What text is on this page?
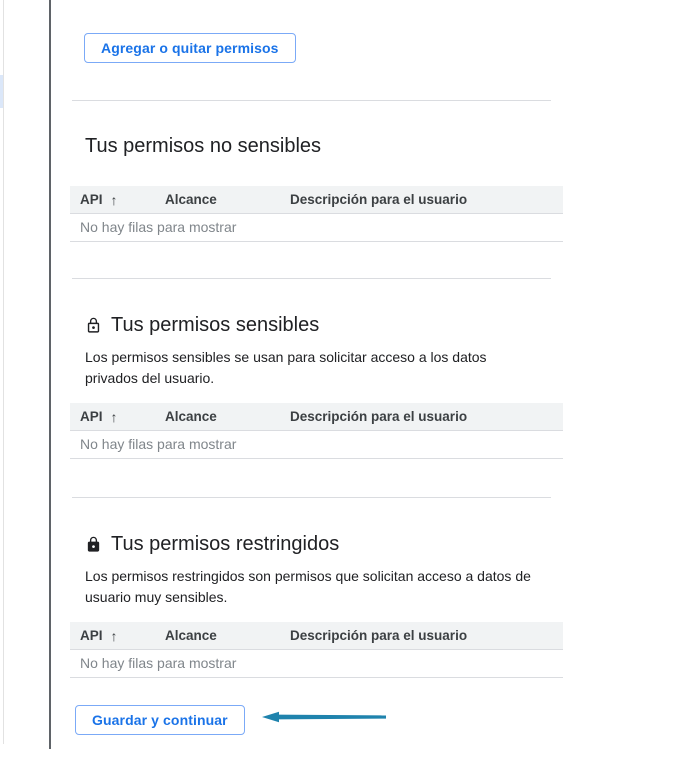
Agregar o quitar permisos
Tus permisos no sensibles
API ↑	Alcance	Descripción para el usuario
No hay filas para mostrar
Tus permisos sensibles

Los permisos sensibles se usan para solicitar acceso a los datos privados del usuario.

API ↑	Alcance	Descripción para el usuario
No hay filas para mostrar
Tus permisos restringidos

Los permisos restringidos son permisos que solicitan acceso a datos de usuario muy sensibles.

API ↑	Alcance	Descripción para el usuario
No hay filas para mostrar
Guardar y continuar
